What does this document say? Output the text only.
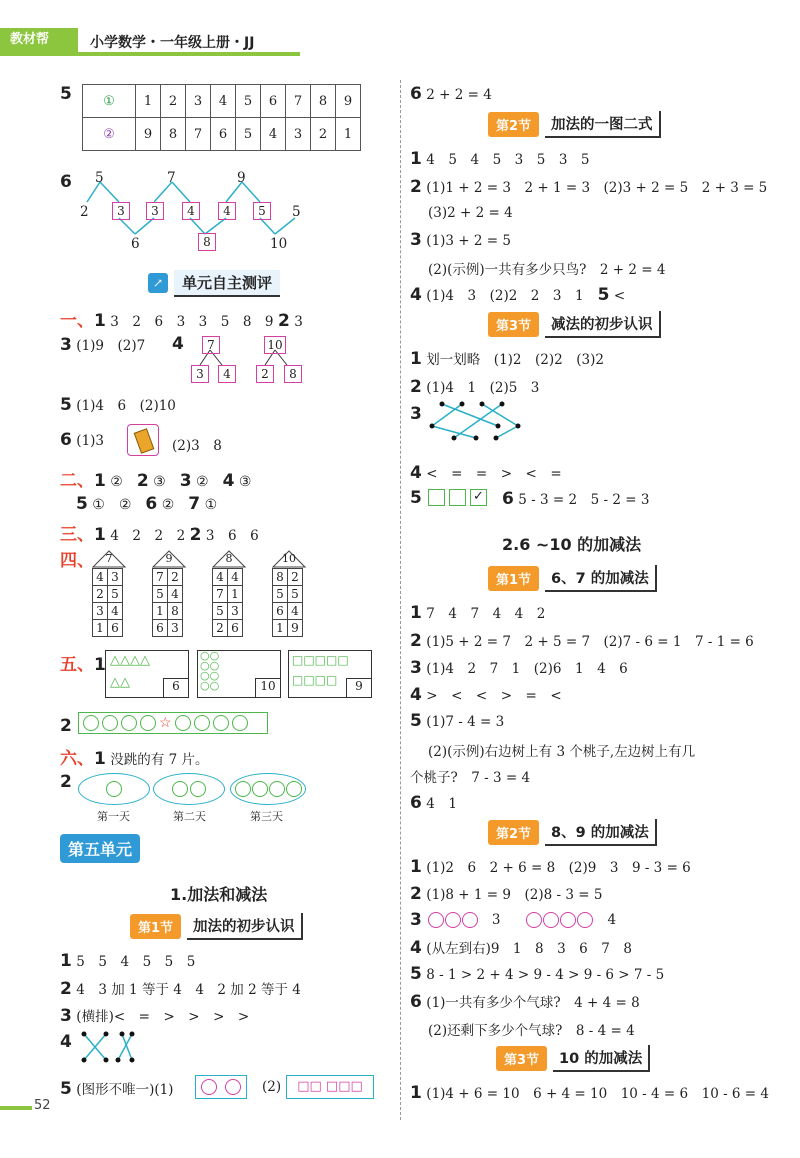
教材帮	小学数学・一年级上册・JJ
5 ①	1	2	3	4	5	6	7	8	9
②	9	8	7	6	5	4	3	2	1
6 5	7	9
2	3	3	4	4	5	5
6	8	10
↗	单元自主测评
一、1 3　2　6　3　3　5　8　9 2 3
3 (1)9　(2)7 4	7
3	4
10
2	8
5 (1)4　6　(2)10
6 (1)3	(2)3　8
二、1 ②　 2 ③　 3 ②　 4 ③
5 ①　 ②　 6 ②　 7 ①
三、1 4　2　2　2 2 3　6　6
四、	7
4	3
2	5
3	4
1	6
9
7	2
5	4
1	8
6	3
8
4	4
7	1
5	3
2	6
10
8	2
5	5
6	4
1	9
五、1 △△△△
△△	6
○○
○○
○○
○○	10
□□□□□
□□□□	9
2	☆
六、1 没跳的有 7 片。
2
第一天	第二天	第三天
第五单元
1.加法和减法
第1节	加法的初步认识
1 5　5　4　5　5　5
2 4　3 加 1 等于 4　4　2 加 2 等于 4
3 (横排)<　=　>　>　>　>
4
5 (图形不唯一)(1)	(2)	□□ □□□
52
6 2 + 2 = 4
第2节	加法的一图二式
1 4　5　4　5　3　5　3　5
2 (1)1 + 2 = 3　2 + 1 = 3　(2)3 + 2 = 5　2 + 3 = 5
(3)2 + 2 = 4
3 (1)3 + 2 = 5
(2)(示例)一共有多少只鸟?　2 + 2 = 4
4 (1)4　3　(2)2　2　3　1　 5 <
第3节	减法的初步认识
1 划一划略　(1)2　(2)2　(3)2
2 (1)4　1　(2)5　3
3
4 <　=　=　>　<　=
5	✓ 6 5 - 3 = 2　5 - 2 = 3
2.6 ~10 的加减法
第1节	6、7 的加减法
1 7　4　7　4　4　2
2 (1)5 + 2 = 7　2 + 5 = 7　(2)7 - 6 = 1　7 - 1 = 6
3 (1)4　2　7　1　(2)6　1　4　6
4 >　<　<　>　=　<
5 (1)7 - 4 = 3
(2)(示例)右边树上有 3 个桃子,左边树上有几
个桃子?　7 - 3 = 4
6 4　1
第2节	8、9 的加减法
1 (1)2　6　2 + 6 = 8　(2)9　3　9 - 3 = 6
2 (1)8 + 1 = 9　(2)8 - 3 = 5
3	3	4
4 (从左到右)9　1　8　3　6　7　8
5 8 - 1 > 2 + 4 > 9 - 4 > 9 - 6 > 7 - 5
6 (1)一共有多少个气球?　4 + 4 = 8
(2)还剩下多少个气球?　8 - 4 = 4
第3节	10 的加减法
1 (1)4 + 6 = 10　6 + 4 = 10　10 - 4 = 6　10 - 6 = 4
